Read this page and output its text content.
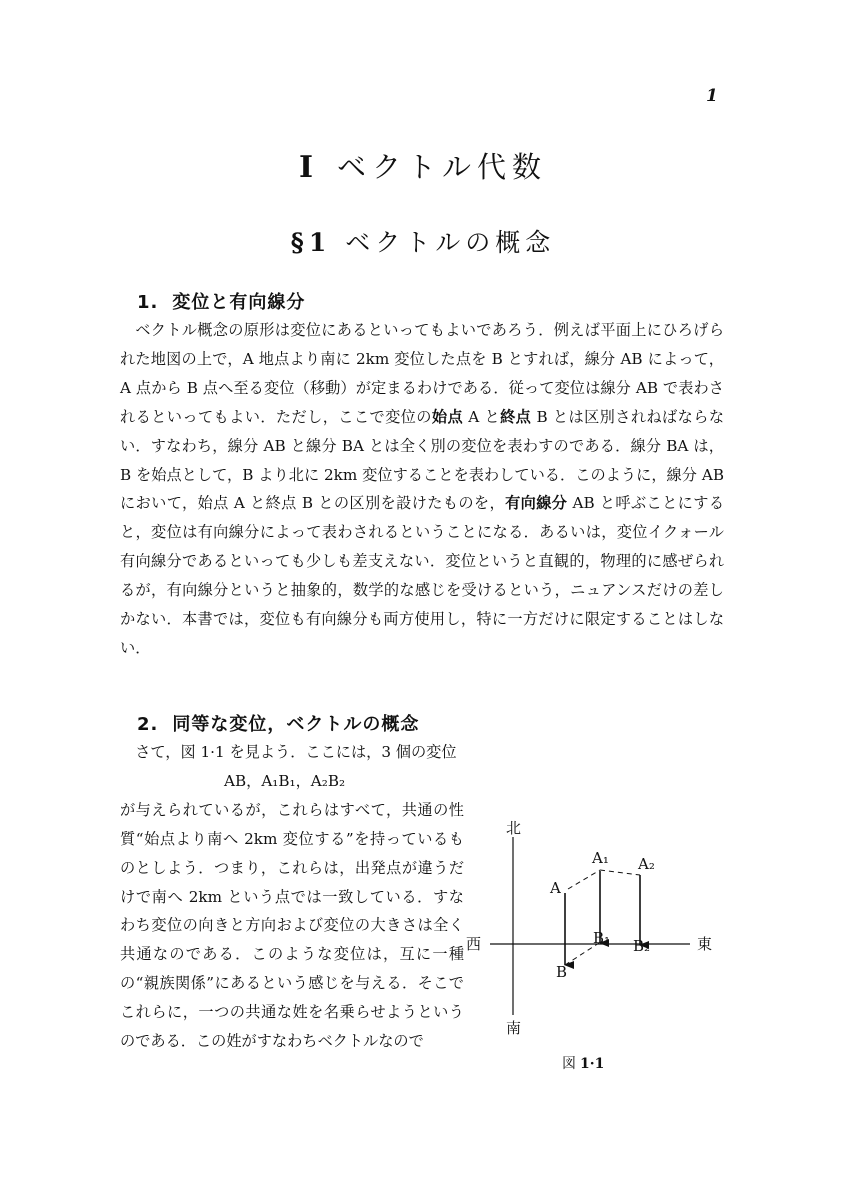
1
I ベクトル代数
§1 ベクトルの概念
1. 変位と有向線分

ベクトル概念の原形は変位にあるといってもよいであろう．例えば平面上にひろげられた地図の上で，A 地点より南に 2km 変位した点を B とすれば，線分 AB によって，A 点から B 点へ至る変位（移動）が定まるわけである．従って変位は線分 AB で表わされるといってもよい．ただし，ここで変位の始点 A と終点 B とは区別されねばならない．すなわち，線分 AB と線分 BA とは全く別の変位を表わすのである．線分 BA は，B を始点として，B より北に 2km 変位することを表わしている．このように，線分 AB において，始点 A と終点 B との区別を設けたものを，有向線分 AB と呼ぶことにすると，変位は有向線分によって表わされるということになる．あるいは，変位イクォール有向線分であるといっても少しも差支えない．変位というと直観的，物理的に感ぜられるが，有向線分というと抽象的，数学的な感じを受けるという，ニュアンスだけの差しかない．本書では，変位も有向線分も両方使用し，特に一方だけに限定することはしない．

2. 同等な変位，ベクトルの概念

さて，図 1·1 を見よう．ここには，3 個の変位
AB，A₁B₁，A₂B₂
が与えられているが，これらはすべて，共通の性質“始点より南へ 2km 変位する”を持っているものとしよう．つまり，これらは，出発点が違うだけで南へ 2km という点では一致している．すなわち変位の向きと方向および変位の大きさは全く共通なのである．このような変位は，互に一種の“親族関係”にあるという感じを与える．そこでこれらに，一つの共通な姓を名乗らせようというのである．この姓がすなわちベクトルなので

北
南
東
西
A
A₁ A₂
B
B₁ B₂
図 1·1
